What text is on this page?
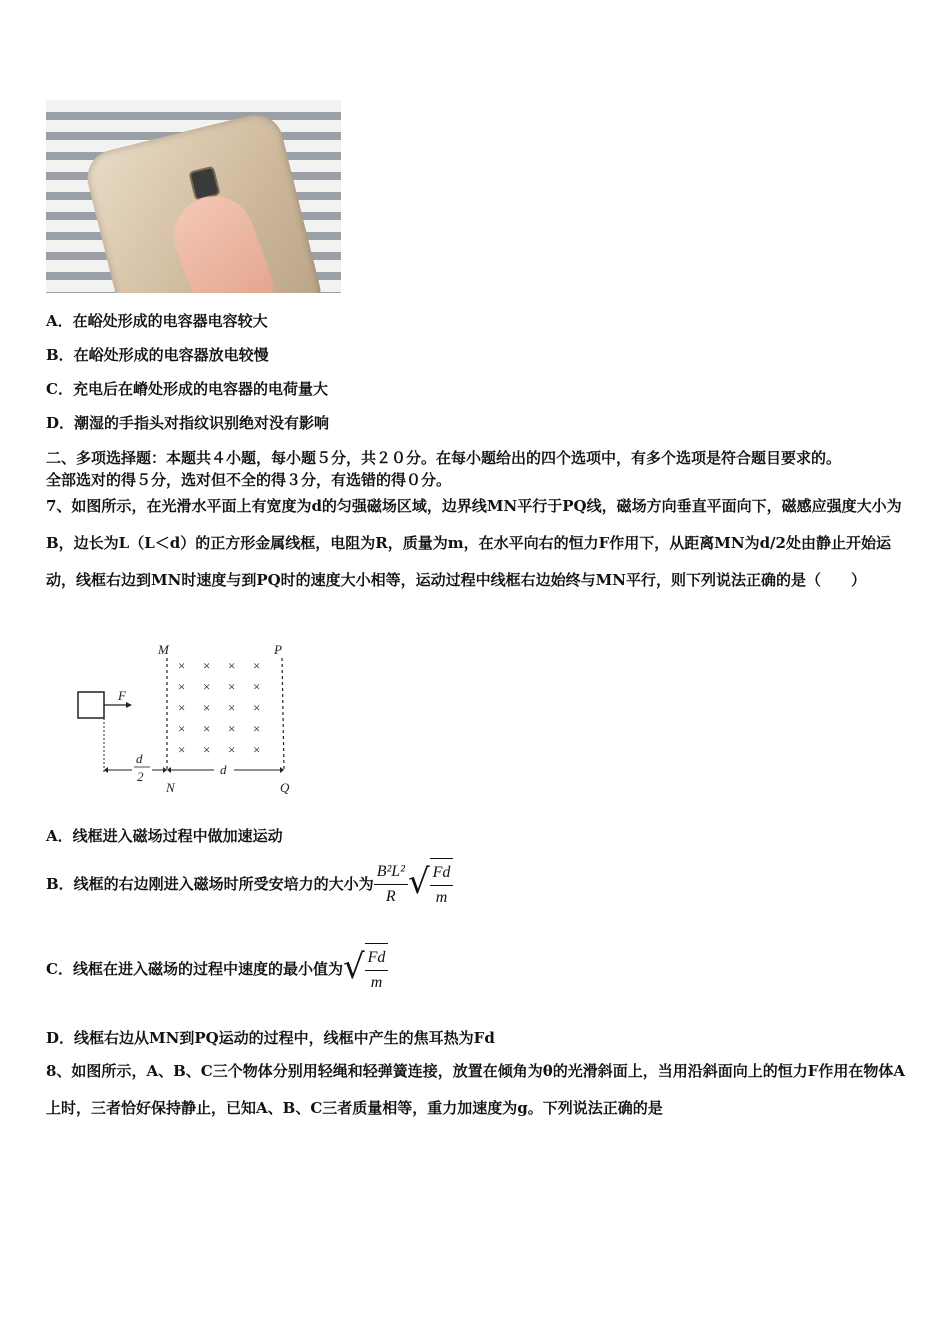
A．在峪处形成的电容器电容较大
B．在峪处形成的电容器放电较慢
C．充电后在嵴处形成的电容器的电荷量大
D．潮湿的手指头对指纹识别绝对没有影响
二、多项选择题：本题共４小题，每小题５分，共２０分。在每小题给出的四个选项中，有多个选项是符合题目要求的。
全部选对的得５分，选对但不全的得３分，有选错的得０分。
7、如图所示，在光滑水平面上有宽度为d的匀强磁场区域，边界线MN平行于PQ线，磁场方向垂直平面向下，磁感应强度大小为B，边长为L（L＜d）的正方形金属线框，电阻为R，质量为m，在水平向右的恒力F作用下，从距离MN为d/2处由静止开始运动，线框右边到MN时速度与到PQ时的速度大小相等，运动过程中线框右边始终与MN平行，则下列说法正确的是（　　）
M	P
N	Q
× × × ×
× × × ×
× × × ×
× × × ×
× × × ×
F
d
2	d
A．线框进入磁场过程中做加速运动
B．线框的右边刚进入磁场时所受安培力的大小为 $\frac{\text{B²L²}}{R}$ √ $\frac{Fd}{m}$
C．线框在进入磁场的过程中速度的最小值为 √ $\frac{Fd}{m}$
D．线框右边从MN到PQ运动的过程中，线框中产生的焦耳热为Fd
8、如图所示，A、B、C三个物体分别用轻绳和轻弹簧连接，放置在倾角为θ的光滑斜面上，当用沿斜面向上的恒力F作用在物体A上时，三者恰好保持静止，已知A、B、C三者质量相等，重力加速度为g。下列说法正确的是
